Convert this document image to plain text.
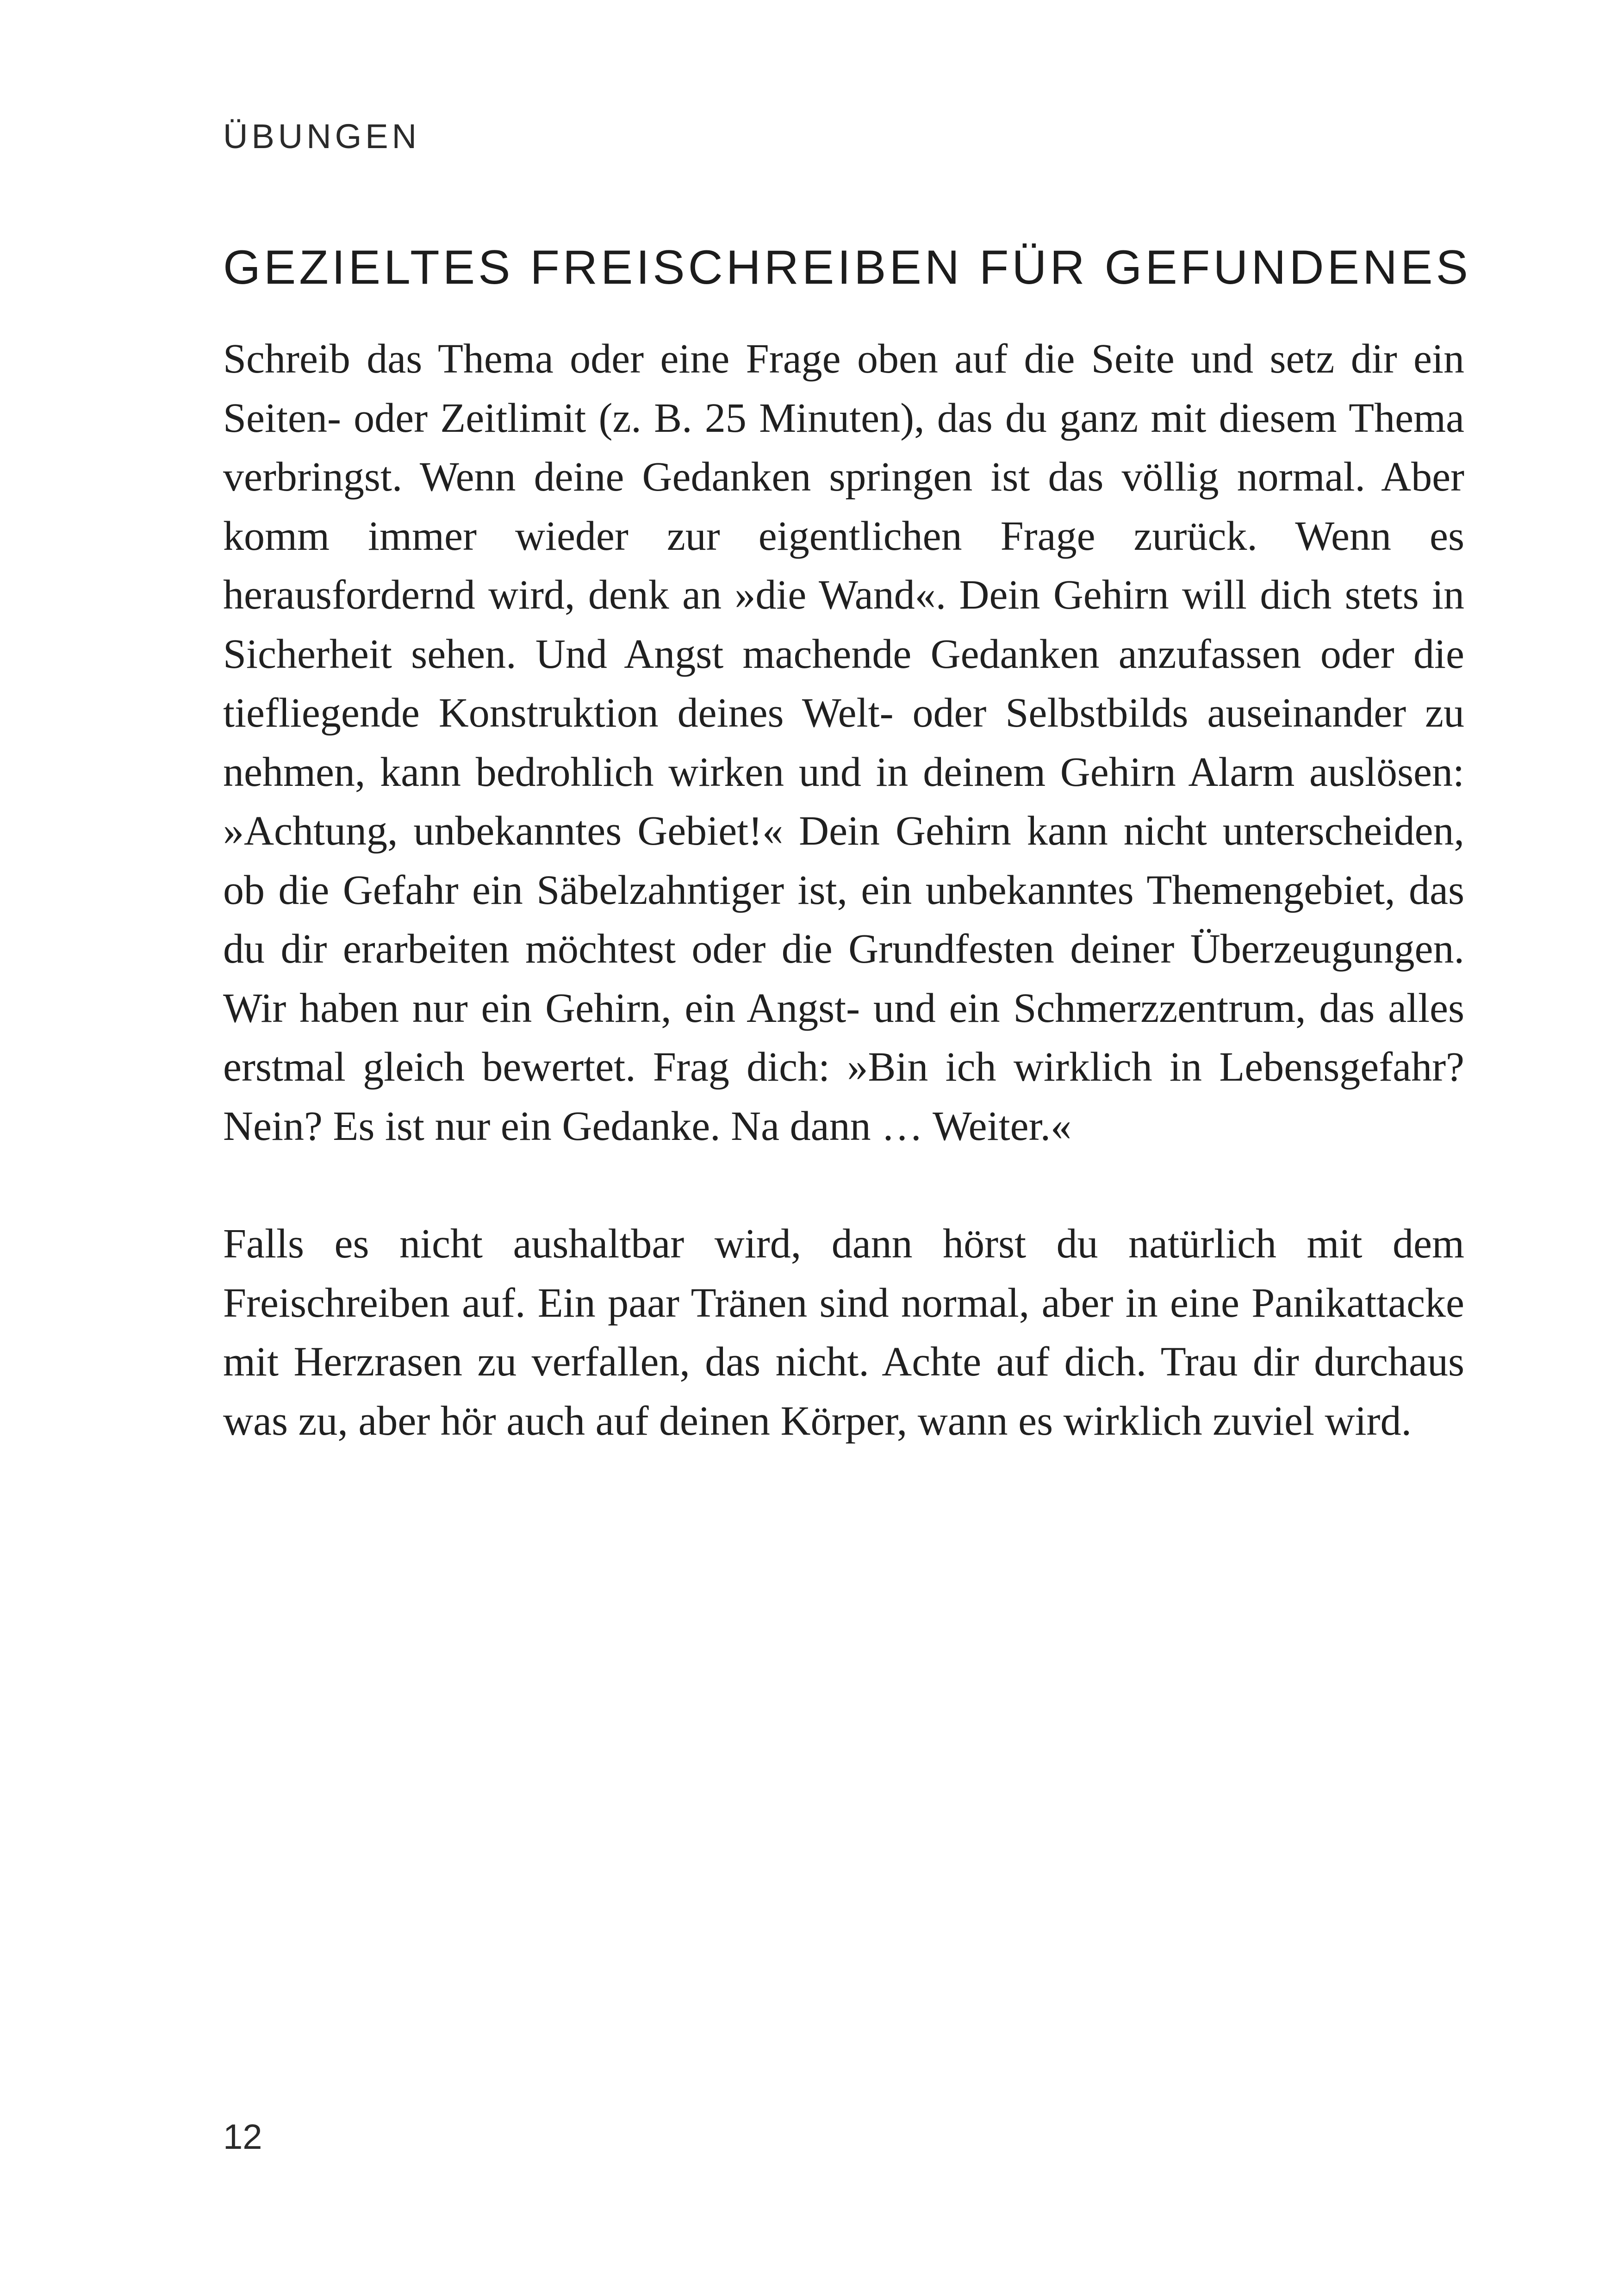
ÜBUNGEN
GEZIELTES FREISCHREIBEN FÜR GEFUNDENES

Schreib das Thema oder eine Frage oben auf die Seite und setz dir ein Seiten- oder Zeitlimit (z. B. 25 Minuten), das du ganz mit diesem Thema verbringst. Wenn deine Gedanken springen ist das völlig normal. Aber komm immer wieder zur eigentlichen Frage zurück. Wenn es herausfordernd wird, denk an »die Wand«. Dein Gehirn will dich stets in Sicherheit sehen. Und Angst machende Gedanken anzufassen oder die tiefliegende Konstruktion deines Welt- oder Selbstbilds auseinander zu nehmen, kann bedrohlich wirken und in deinem Gehirn Alarm auslösen: »Achtung, unbekanntes Gebiet!« Dein Gehirn kann nicht unterscheiden, ob die Gefahr ein Säbelzahntiger ist, ein unbekanntes Themengebiet, das du dir erarbeiten möchtest oder die Grundfesten deiner Überzeugungen. Wir haben nur ein Gehirn, ein Angst- und ein Schmerzzentrum, das alles erstmal gleich bewertet. Frag dich: »Bin ich wirklich in Lebensgefahr? Nein? Es ist nur ein Gedanke. Na dann … Weiter.«

Falls es nicht aushaltbar wird, dann hörst du natürlich mit dem Freischreiben auf. Ein paar Tränen sind normal, aber in eine Panikattacke mit Herzrasen zu verfallen, das nicht. Achte auf dich. Trau dir durchaus was zu, aber hör auch auf deinen Körper, wann es wirklich zuviel wird.

12
